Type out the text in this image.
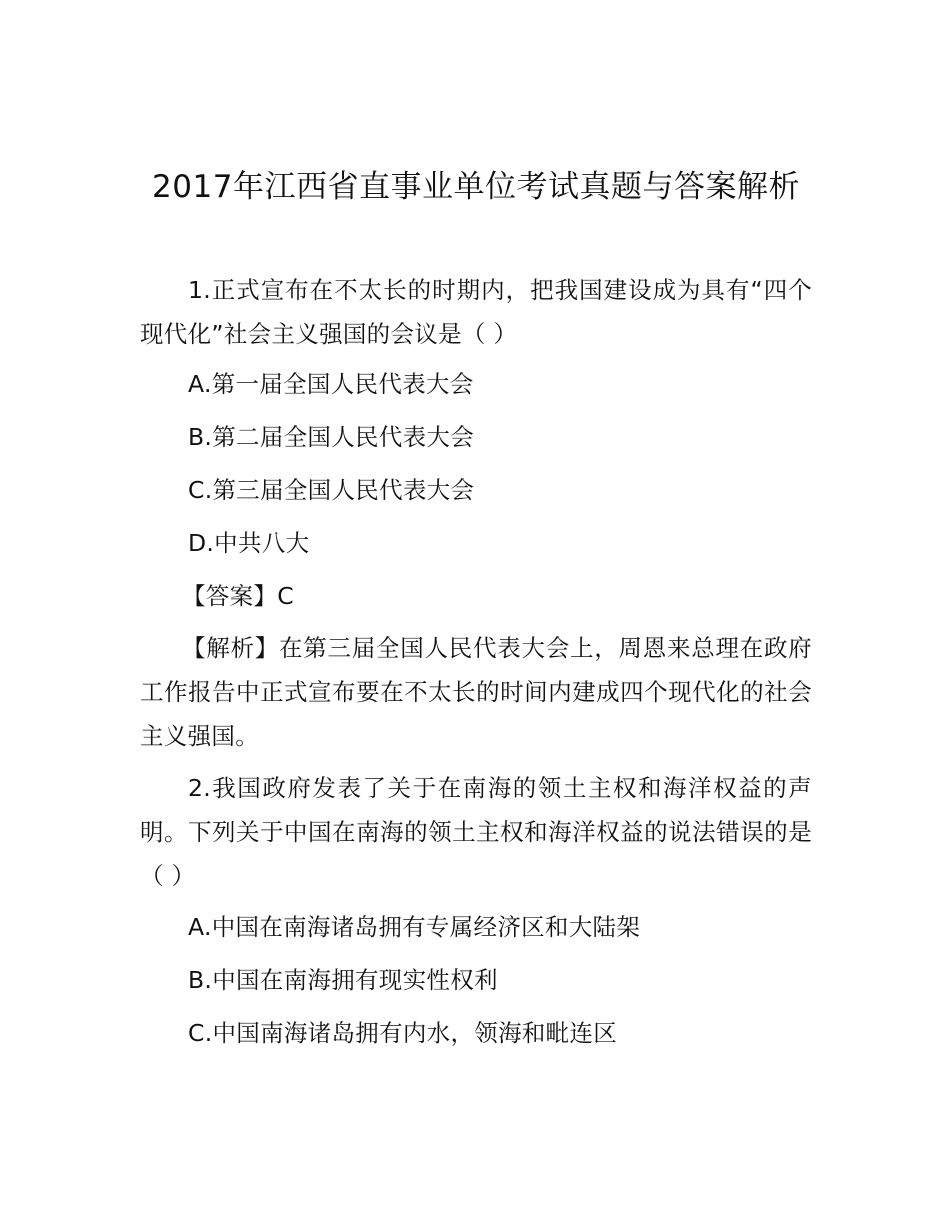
2017年江西省直事业单位考试真题与答案解析

1.正式宣布在不太长的时期内，把我国建设成为具有“四个现代化”社会主义强国的会议是（ ）

A.第一届全国人民代表大会

B.第二届全国人民代表大会

C.第三届全国人民代表大会

D.中共八大

【答案】C

【解析】在第三届全国人民代表大会上，周恩来总理在政府工作报告中正式宣布要在不太长的时间内建成四个现代化的社会主义强国。

2.我国政府发表了关于在南海的领土主权和海洋权益的声明。下列关于中国在南海的领土主权和海洋权益的说法错误的是（ ）

A.中国在南海诸岛拥有专属经济区和大陆架

B.中国在南海拥有现实性权利

C.中国南海诸岛拥有内水，领海和毗连区
